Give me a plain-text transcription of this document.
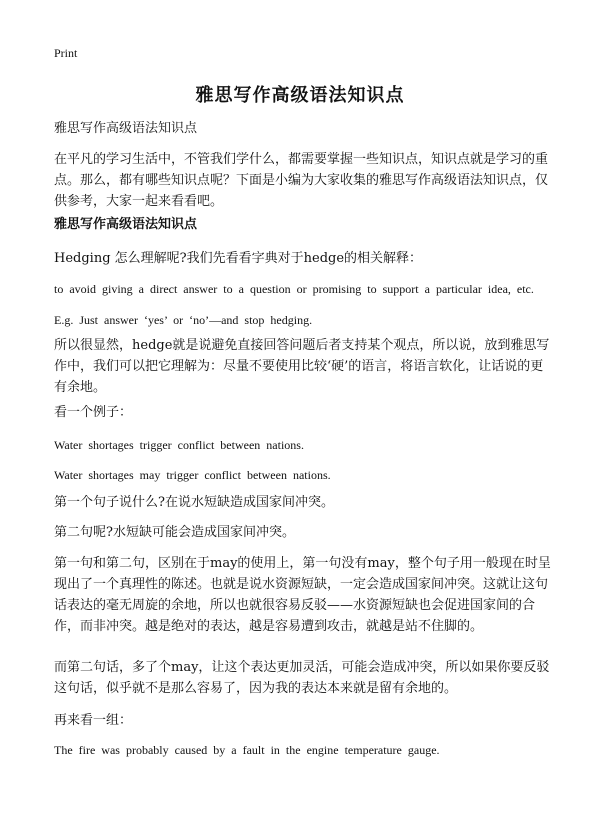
Print
雅思写作高级语法知识点
雅思写作高级语法知识点
在平凡的学习生活中，不管我们学什么，都需要掌握一些知识点，知识点就是学习的重点。那么，都有哪些知识点呢？下面是小编为大家收集的雅思写作高级语法知识点，仅供参考，大家一起来看看吧。
雅思写作高级语法知识点
Hedging 怎么理解呢?我们先看看字典对于hedge的相关解释：
to avoid giving a direct answer to a question or promising to support a particular idea, etc.
E.g. Just answer ‘yes’ or ‘no’—and stop hedging.
所以很显然，hedge就是说避免直接回答问题后者支持某个观点，所以说，放到雅思写作中，我们可以把它理解为：尽量不要使用比较‘硬’的语言，将语言软化，让话说的更有余地。
看一个例子：
Water shortages trigger conflict between nations.
Water shortages may trigger conflict between nations.
第一个句子说什么?在说水短缺造成国家间冲突。
第二句呢?水短缺可能会造成国家间冲突。
第一句和第二句，区别在于may的使用上，第一句没有may，整个句子用一般现在时呈现出了一个真理性的陈述。也就是说水资源短缺，一定会造成国家间冲突。这就让这句话表达的毫无周旋的余地，所以也就很容易反驳——水资源短缺也会促进国家间的合作，而非冲突。越是绝对的表达，越是容易遭到攻击，就越是站不住脚的。
而第二句话，多了个may，让这个表达更加灵活，可能会造成冲突，所以如果你要反驳这句话，似乎就不是那么容易了，因为我的表达本来就是留有余地的。
再来看一组：
The fire was probably caused by a fault in the engine temperature gauge.
